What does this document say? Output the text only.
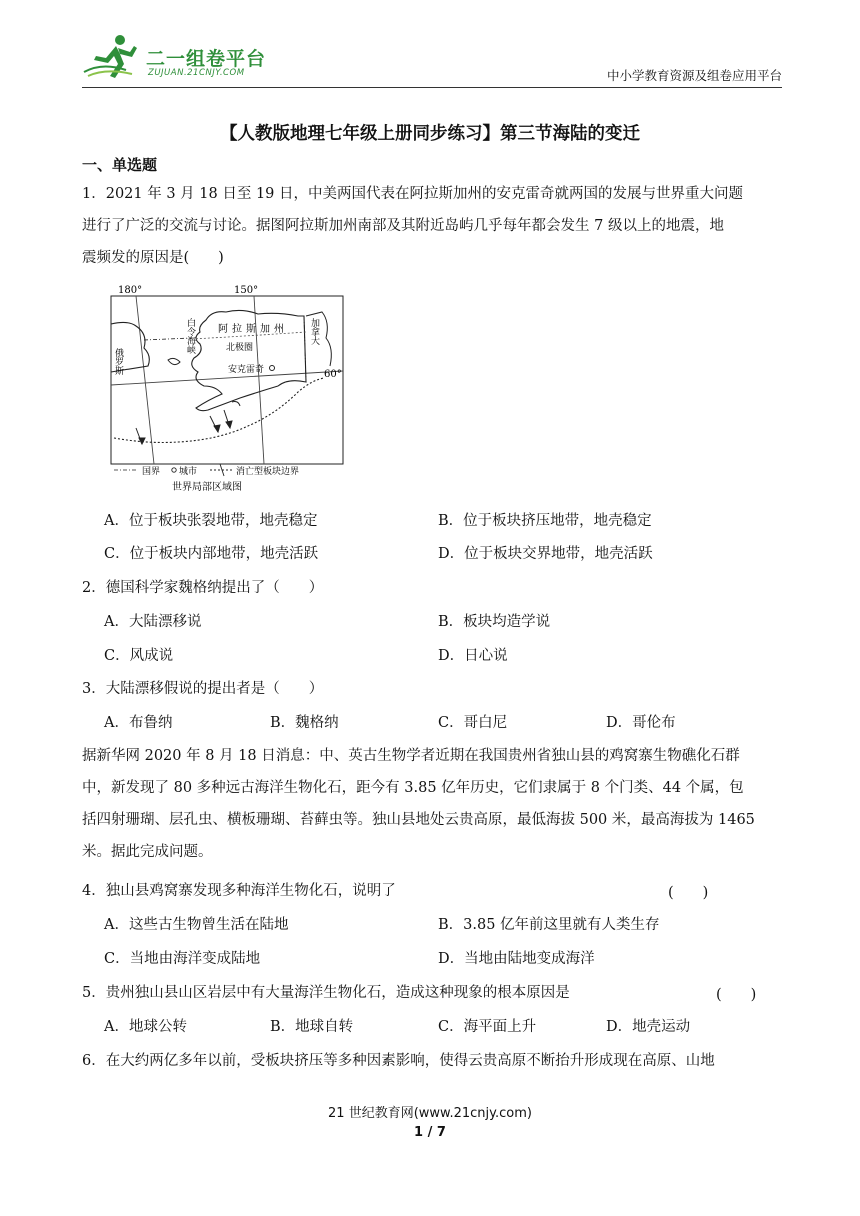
二一组卷平台
ZUJUAN.21CNJY.COM	中小学教育资源及组卷应用平台
【人教版地理七年级上册同步练习】第三节海陆的变迁
一、单选题
1．2021 年 3 月 18 日至 19 日，中美两国代表在阿拉斯加州的安克雷奇就两国的发展与世界重大问题
进行了广泛的交流与讨论。据图阿拉斯加州南部及其附近岛屿几乎每年都会发生 7 级以上的地震，地
震频发的原因是(　　)
180°	150°
60°
阿拉斯加州
俄罗斯
白令海峡	加拿大
北极圈
安克雷奇
国界 城市	消亡型板块边界
世界局部区域图
A．位于板块张裂地带，地壳稳定	B．位于板块挤压地带，地壳稳定
C．位于板块内部地带，地壳活跃	D．位于板块交界地带，地壳活跃
2．德国科学家魏格纳提出了（　　）
A．大陆漂移说	B．板块均造学说
C．风成说	D．日心说
3．大陆漂移假说的提出者是（　　）
A．布鲁纳	B．魏格纳	C．哥白尼	D．哥伦布
据新华网 2020 年 8 月 18 日消息：中、英古生物学者近期在我国贵州省独山县的鸡窝寨生物礁化石群
中，新发现了 80 多种远古海洋生物化石，距今有 3.85 亿年历史，它们隶属于 8 个门类、44 个属，包
括四射珊瑚、层孔虫、横板珊瑚、苔藓虫等。独山县地处云贵高原，最低海拔 500 米，最高海拔为 1465
米。据此完成问题。
4．独山县鸡窝寨发现多种海洋生物化石，说明了	(　　)
A．这些古生物曾生活在陆地	B．3.85 亿年前这里就有人类生存
C．当地由海洋变成陆地	D．当地由陆地变成海洋
5．贵州独山县山区岩层中有大量海洋生物化石，造成这种现象的根本原因是	(　　)
A．地球公转	B．地球自转	C．海平面上升	D．地壳运动
6．在大约两亿多年以前，受板块挤压等多种因素影响，使得云贵高原不断抬升形成现在高原、山地
21 世纪教育网(www.21cnjy.com)
1 / 7
